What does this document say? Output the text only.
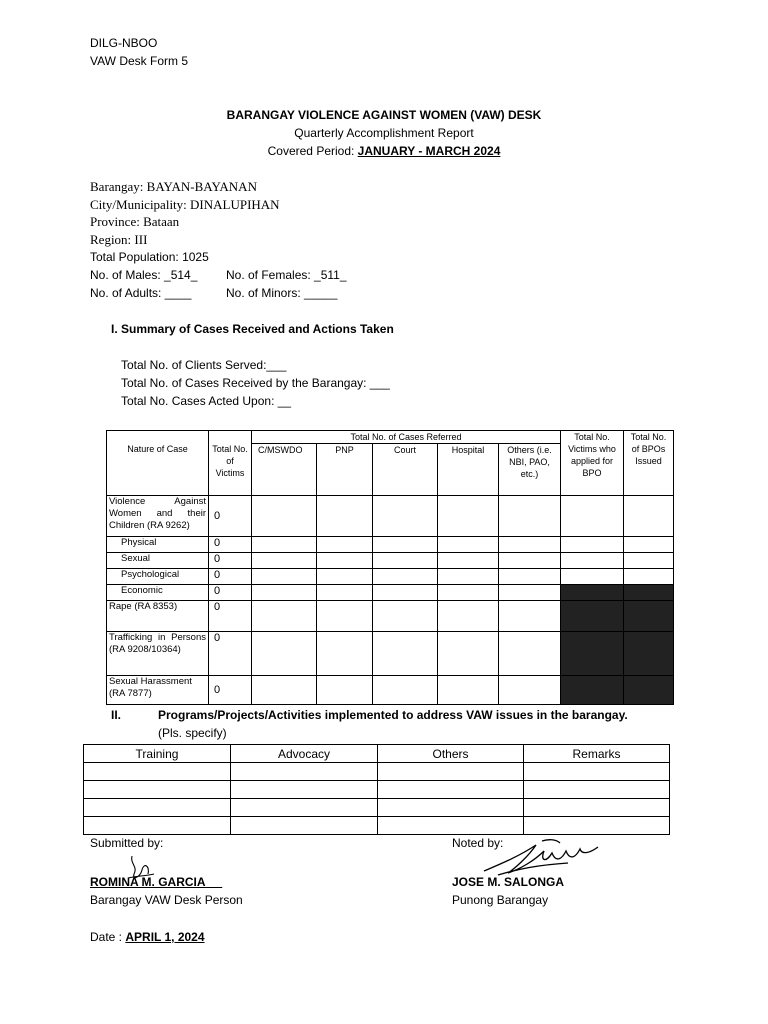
DILG-NBOO
VAW Desk Form 5
BARANGAY VIOLENCE AGAINST WOMEN (VAW) DESK
Quarterly Accomplishment Report
Covered Period: JANUARY - MARCH 2024
Barangay: BAYAN-BAYANAN
City/Municipality: DINALUPIHAN
Province: Bataan
Region: III
Total Population: 1025
No. of Males: _514_ No. of Females: _511_
No. of Adults: ____	No. of Minors: _____
I. Summary of Cases Received and Actions Taken
Total No. of Clients Served:___
Total No. of Cases Received by the Barangay: ___
Total No. Cases Acted Upon: __
Nature of Case	Total No. of Victims	Total No. of Cases Referred					Total No. Victims who applied for BPO	Total No. of BPOs Issued
		C/MSWDO	PNP	Court	Hospital	Others (i.e. NBI, PAO, etc.)		
Violence Against Women and their Children (RA 9262)	0							
Physical	0							
Sexual	0							
Psychological	0							
Economic	0							
Rape (RA 8353)	0							
Trafficking in Persons (RA 9208/10364)	0							
Sexual Harassment (RA 7877)	0							
II.	Programs/Projects/Activities implemented to address VAW issues in the barangay.
(Pls. specify)
Training	Advocacy	Others	Remarks

Submitted by:
ROMINA M. GARCIA
Barangay VAW Desk Person
Noted by:
JOSE M. SALONGA
Punong Barangay
Date : APRIL 1, 2024
